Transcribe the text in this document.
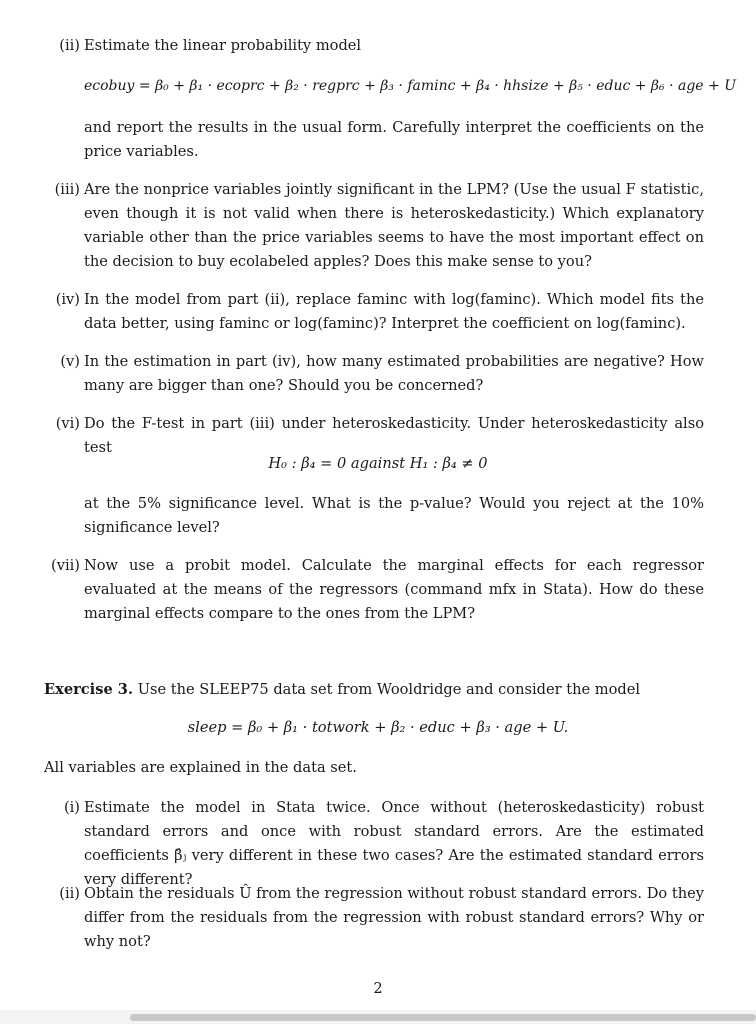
(ii) Estimate the linear probability model
ecobuy = β₀ + β₁ · ecoprc + β₂ · regprc + β₃ · faminc + β₄ · hhsize + β₅ · educ + β₆ · age + U
and report the results in the usual form. Carefully interpret the coefficients on the price variables.
(iii) Are the nonprice variables jointly significant in the LPM? (Use the usual F statistic, even though it is not valid when there is heteroskedasticity.) Which explanatory variable other than the price variables seems to have the most important effect on the decision to buy ecolabeled apples? Does this make sense to you?
(iv) In the model from part (ii), replace faminc with log(faminc). Which model fits the data better, using faminc or log(faminc)? Interpret the coefficient on log(faminc).
(v) In the estimation in part (iv), how many estimated probabilities are negative? How many are bigger than one? Should you be concerned?
(vi) Do the F-test in part (iii) under heteroskedasticity. Under heteroskedasticity also test
H₀ : β₄ = 0 against H₁ : β₄ ≠ 0
at the 5% significance level. What is the p-value? Would you reject at the 10% significance level?
(vii) Now use a probit model. Calculate the marginal effects for each regressor evaluated at the means of the regressors (command mfx in Stata). How do these marginal effects compare to the ones from the LPM?
Exercise 3. Use the SLEEP75 data set from Wooldridge and consider the model
sleep = β₀ + β₁ · totwork + β₂ · educ + β₃ · age + U.
All variables are explained in the data set.
(i) Estimate the model in Stata twice. Once without (heteroskedasticity) robust standard errors and once with robust standard errors. Are the estimated coefficients β̂ⱼ very different in these two cases? Are the estimated standard errors very different?
(ii) Obtain the residuals Û from the regression without robust standard errors. Do they differ from the residuals from the regression with robust standard errors? Why or why not?
2
